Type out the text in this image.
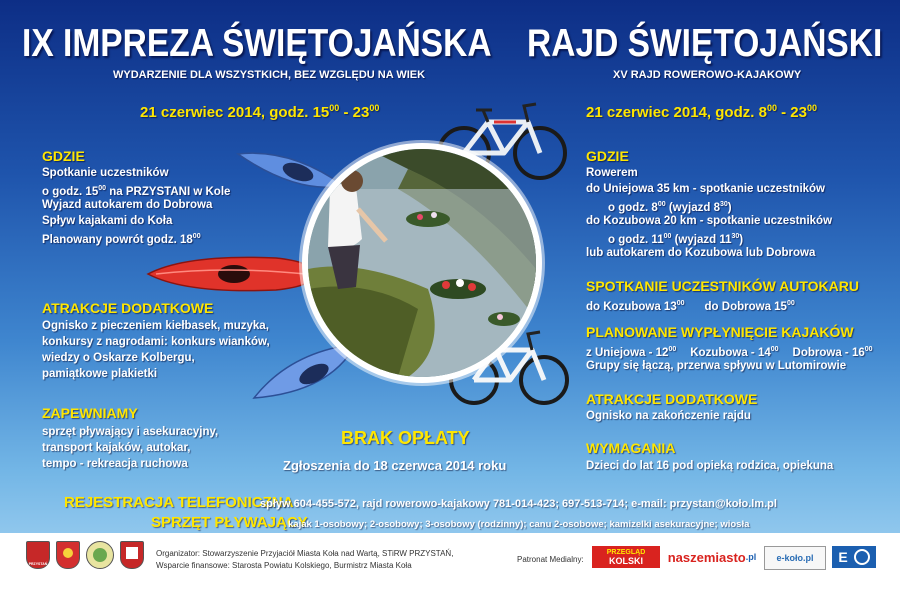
IX IMPREZA ŚWIĘTOJAŃSKA
WYDARZENIE DLA WSZYSTKICH, BEZ WZGLĘDU NA WIEK
21 czerwiec 2014, godz. $15^{00} - 23^{00}$
GDZIE
Spotkanie uczestników
o godz. $15^{00}$ na PRZYSTANI w Kole
Wyjazd autokarem do Dobrowa
Spływ kajakami do Koła
Planowany powrót godz. $18^{00}$
ATRAKCJE DODATKOWE
Ognisko z pieczeniem kiełbasek, muzyka,
konkursy z nagrodami: konkurs wianków,
wiedzy o Oskarze Kolbergu,
pamiątkowe plakietki
ZAPEWNIAMY
sprzęt pływający i asekuracyjny,
transport kajaków, autokar,
tempo - rekreacja ruchowa
BRAK OPŁATY
Zgłoszenia do 18 czerwca 2014 roku
RAJD ŚWIĘTOJAŃSKI
XV RAJD ROWEROWO-KAJAKOWY
21 czerwiec 2014, godz. $8^{00} - 23^{00}$
GDZIE
Rowerem
do Uniejowa 35 km - spotkanie uczestników
o godz. $8^{00}$ (wyjazd $8^{30}$)
do Kozubowa 20 km - spotkanie uczestników
o godz. $11^{00}$ (wyjazd $11^{30}$)
lub autokarem do Kozubowa lub Dobrowa
SPOTKANIE UCZESTNIKÓW AUTOKARU
do Kozubowa $13^{00}$ do Dobrowa $15^{00}$
PLANOWANE WYPŁYNIĘCIE KAJAKÓW
z Uniejowa - $12^{00}$ Kozubowa - $14^{00}$ Dobrowa - $16^{00}$
Grupy się łączą, przerwa spływu w Lutomirowie
ATRAKCJE DODATKOWE
Ognisko na zakończenie rajdu
WYMAGANIA
Dzieci do lat 16 pod opieką rodzica, opiekuna
REJESTRACJA TELEFONICZNA
spływ 604-455-572, rajd rowerowo-kajakowy 781-014-423; 697-513-714; e-mail: przystan@koło.lm.pl
SPRZĘT PŁYWAJĄCY
kajak 1-osobowy; 2-osobowy; 3-osobowy (rodzinny); canu 2-osobowe; kamizelki asekuracyjne; wiosła
PRZYSTAŃ
Organizator: Stowarzyszenie Przyjaciół Miasta Koła nad Wartą, STiRW PRZYSTAŃ,
Wsparcie finansowe: Starosta Powiatu Kolskiego, Burmistrz Miasta Koła
Patronat Medialny:
PRZEGLĄD
KOLSKI naszemiasto .pl e-koło.pl E
